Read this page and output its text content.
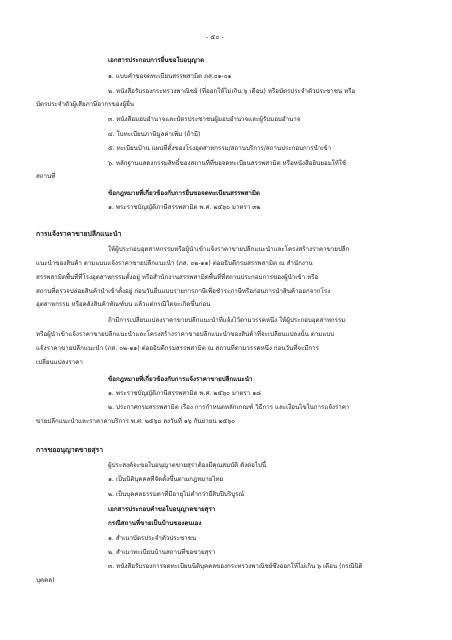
- ๕๐ -
เอกสารประกอบการยื่นขอใบอนุญาต
๑. แบบคำขอจดทะเบียนสรรพสามิต ภส.๐๑-๐๑
๒. หนังสือรับรองกระทรวงพาณิชย์ (ที่ออกให้ไม่เกิน ๖ เดือน) หรือบัตรประจำตัวประชาชน หรือ
บัตรประจำตัวผู้เสียภาษีอากรของผู้ยื่น
๓. หนังสือมอบอำนาจและบัตรประชาชนผู้มอบอำนาจและผู้รับมอบอำนาจ
๔. ใบทะเบียนภาษีมูลค่าเพิ่ม (ถ้ามี)
๕. ทะเบียนบ้าน แผนที่ตั้งของโรงอุตสาหกรรม/สถานบริการ/สถานประกอบการนำเข้า
๖. หลักฐานแสดงกรรมสิทธิ์ของสถานที่ที่ขอจดทะเบียนสรรพสามิต หรือหนังสือยินยอมให้ใช้
สถานที่
ข้อกฎหมายที่เกี่ยวข้องกับการยื่นขอจดทะเบียนสรรพสามิต
๑. พระราชบัญญัติภาษีสรรพสามิต พ.ศ. ๒๕๖๐ มาตรา ๓๒
การแจ้งราคาขายปลีกแนะนำ
ให้ผู้ประกอบอุตสาหกรรมหรือผู้นำเข้าแจ้งราคาขายปลีกแนะนำและโครงสร้างราคาขายปลีก
แนะนำของสินค้า ตามแบบแจ้งราคาขายปลีกแนะนำ (ภส. ๐๒-๑๑) ต่ออธิบดีกรมสรรพสามิต ณ สำนักงาน
สรรพสามิตพื้นที่ที่โรงอุตสาหกรรมตั้งอยู่ หรือสำนักงานสรรพสามิตพื้นที่ที่สถานประกอบการของผู้นำเข้า หรือ
สถานที่ตรวจปล่อยสินค้านำเข้าตั้งอยู่ ก่อนวันยื่นแบบรายการภาษีเพื่อชำระภาษีหรือก่อนการนำสินค้าออกจากโรง
อุตสาหกรรม หรือคลังสินค้าทัณฑ์บน แล้วแต่กรณีใดจะเกิดขึ้นก่อน
ถ้ามีการเปลี่ยนแปลงราคาขายปลีกแนะนำที่แจ้งไว้ตามวรรคหนึ่ง ให้ผู้ประกอบอุตสาหกรรม
หรือผู้นำเข้าแจ้งราคาขายปลีกแนะนำและโครงสร้างราคาขายปลีกแนะนำของสินค้าที่จะเปลี่ยนแปลงนั้น ตามแบบ
แจ้งราคาขายปลีกแนะนำ (ภส. ๐๒-๑๑) ต่ออธิบดีกรมสรรพสามิต ณ สถานที่ตามวรรคหนึ่ง ก่อนวันที่จะมีการ
เปลี่ยนแปลงราคา
ข้อกฎหมายที่เกี่ยวข้องกับการแจ้งราคาขายปลีกแนะนำ
๑. พระราชบัญญัติภาษีสรรพสามิต พ.ศ. ๒๕๖๐ มาตรา ๑๘
๒. ประกาศกรมสรรพสามิต เรื่อง การกำหนดหลักเกณฑ์ วิธีการ และเงื่อนไขในการแจ้งราคา
ขายปลีกแนะนำและราคาค่าบริการ พ.ศ. ๒๕๖๐ ลงวันที่ ๑๖ กันยายน ๒๕๖๐
การขออนุญาตขายสุรา
ผู้ประสงค์จะขอใบอนุญาตขายสุราต้องมีคุณสมบัติ ดังต่อไปนี้
๑. เป็นนิติบุคคลที่จัดตั้งขึ้นตามกฎหมายไทย
๒. เป็นบุคคลธรรมดาที่มีอายุไม่ต่ำกว่ายี่สิบปีบริบูรณ์
เอกสารประกอบคำขอใบอนุญาตขายสุรา
กรณีสถานที่ขายเป็นบ้านของตนเอง
๑. สำเนาบัตรประจำตัวประชาชน
๒. สำเนาทะเบียนบ้านสถานที่ขอขายสุรา
๓. หนังสือรับรองการจดทะเบียนนิติบุคคลของกระทรวงพาณิชย์ซึ่งออกให้ไม่เกิน ๖ เดือน (กรณีนิติ
บุคคล)
